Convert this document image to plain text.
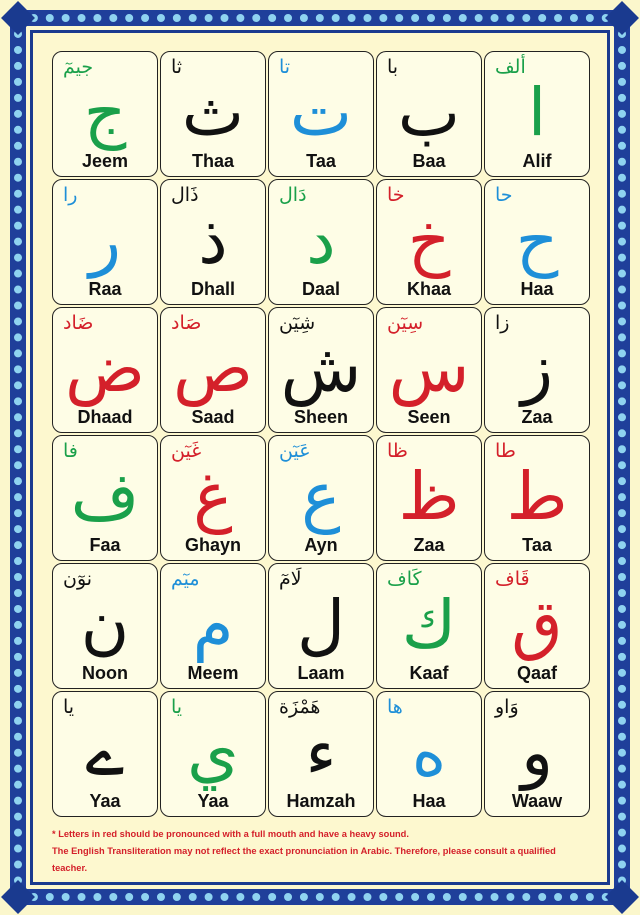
جيمٓ
ج
Jeem
ثا
ث
Thaa
تا
ت
Taa
با
ب
Baa
ألف
ا
Alif
را
ر
Raa
ذَال
ذ
Dhall
دَال
د
Daal
خا
خ
Khaa
حا
ح
Haa
ضَاد
ض
Dhaad
صَاد
ص
Saad
شِيٓن
ش
Sheen
سِيٓن
س
Seen
زا
ز
Zaa
فا
ف
Faa
غَيٓن
غ
Ghayn
عَيٓن
ع
Ayn
ظا
ظ
Zaa
طا
ط
Taa
نوٓن
ن
Noon
ميٓم
م
Meem
لَامٓ
ل
Laam
كَاف
ك
Kaaf
قَاف
ق
Qaaf
يا
ے
Yaa
يا
ي
Yaa
هَمْزَة
ء
Hamzah
ها
ه
Haa
وَاو
و
Waaw
* Letters in red should be pronounced with a full mouth and have a heavy sound.
The English Transliteration may not reflect the exact pronunciation in Arabic. Therefore, please consult a qualified teacher.
